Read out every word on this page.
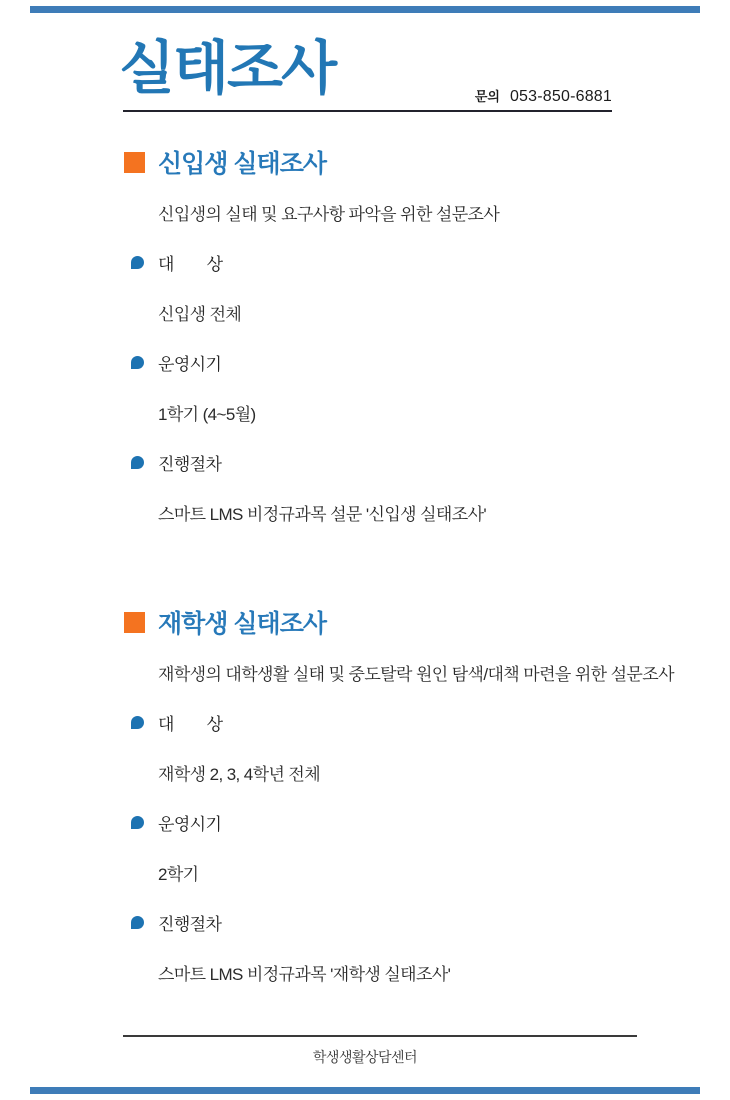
실태조사	문의 053-850-6881
신입생 실태조사
신입생의 실태 및 요구사항 파악을 위한 설문조사
대　　상
신입생 전체
운영시기
1학기 (4~5월)
진행절차
스마트 LMS 비정규과목 설문 '신입생 실태조사'
재학생 실태조사
재학생의 대학생활 실태 및 중도탈락 원인 탐색/대책 마련을 위한 설문조사
대　　상
재학생 2, 3, 4학년 전체
운영시기
2학기
진행절차
스마트 LMS 비정규과목 '재학생 실태조사'
학생생활상담센터
